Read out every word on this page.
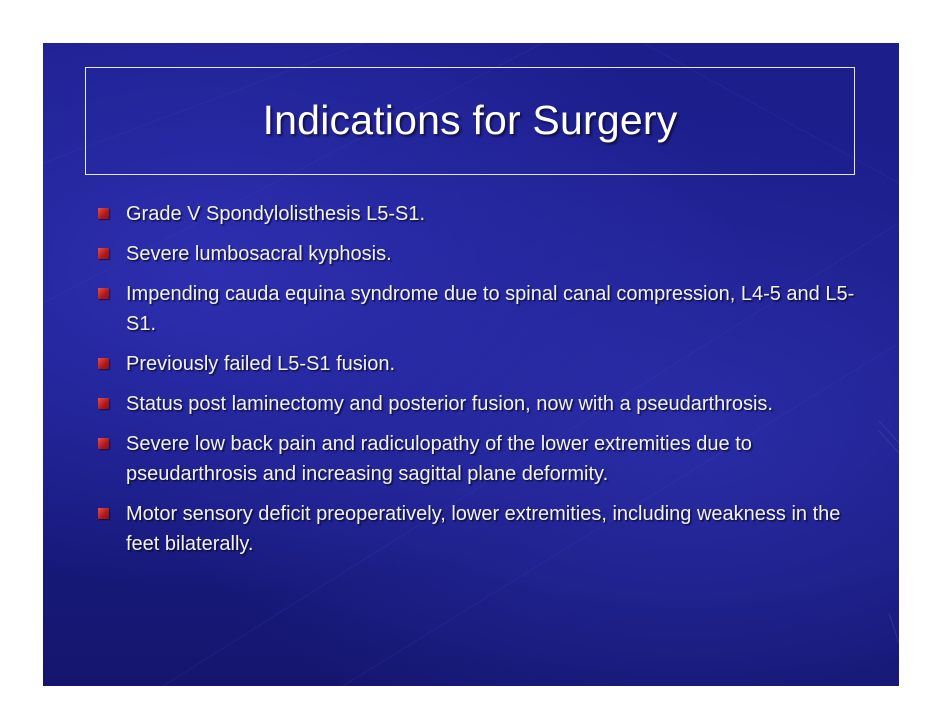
Indications for Surgery
Grade V Spondylolisthesis L5-S1.
Severe lumbosacral kyphosis.
Impending cauda equina syndrome due to spinal canal compression, L4-5 and L5-S1.
Previously failed L5-S1 fusion.
Status post laminectomy and posterior fusion, now with a pseudarthrosis.
Severe low back pain and radiculopathy of the lower extremities due to pseudarthrosis and increasing sagittal plane deformity.
Motor sensory deficit preoperatively, lower extremities, including weakness in the feet bilaterally.
